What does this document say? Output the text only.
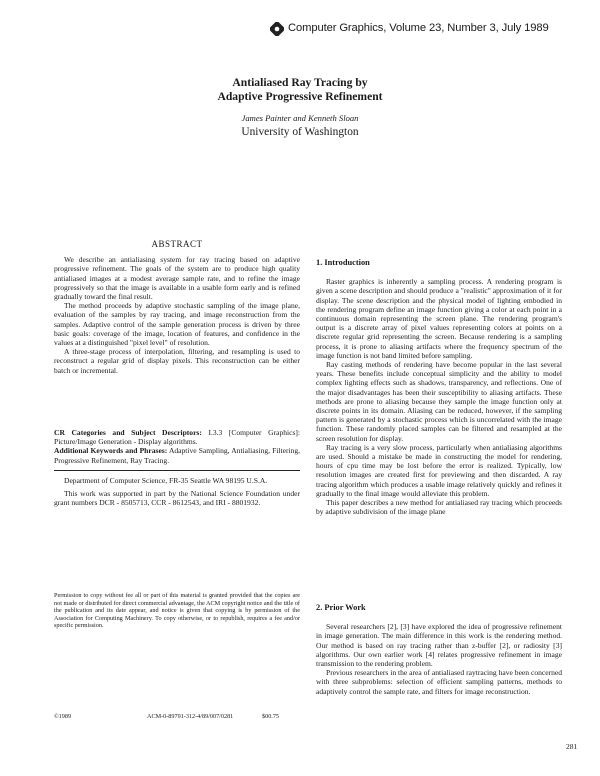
Computer Graphics, Volume 23, Number 3, July 1989
Antialiased Ray Tracing by
Adaptive Progressive Refinement
James Painter and Kenneth Sloan
University of Washington

ABSTRACT

We describe an antialiasing system for ray tracing based on adaptive progressive refinement. The goals of the system are to produce high quality antialiased images at a modest average sample rate, and to refine the image progressively so that the image is available in a usable form early and is refined gradually toward the final result.

The method proceeds by adaptive stochastic sampling of the image plane, evaluation of the samples by ray tracing, and image reconstruction from the samples. Adaptive control of the sample generation process is driven by three basic goals: coverage of the image, location of features, and confidence in the values at a distinguished "pixel level" of resolution.

A three-stage process of interpolation, filtering, and resampling is used to reconstruct a regular grid of display pixels. This reconstruction can be either batch or incremental.

CR Categories and Subject Descriptors: I.3.3 [Computer Graphics]: Picture/Image Generation - Display algorithms.

Additional Keywords and Phrases: Adaptive Sampling, Antialiasing, Filtering, Progressive Refinement, Ray Tracing.

Department of Computer Science, FR-35 Seattle WA 98195 U.S.A.

This work was supported in part by the National Science Foundation under grant numbers DCR - 8505713, CCR - 8612543, and IRI - 8801932.

Permission to copy without fee all or part of this material is granted provided that the copies are not made or distributed for direct commercial advantage, the ACM copyright notice and the title of the publication and its date appear, and notice is given that copying is by permission of the Association for Computing Machinery. To copy otherwise, or to republish, requires a fee and/or specific permission.
©1989	ACM-0-89791-312-4/89/007/0281	$00.75
281

1. Introduction

Raster graphics is inherently a sampling process. A rendering program is given a scene description and should produce a "realistic" approximation of it for display. The scene description and the physical model of lighting embodied in the rendering program define an image function giving a color at each point in a continuous domain representing the screen plane. The rendering program's output is a discrete array of pixel values representing colors at points on a discrete regular grid representing the screen. Because rendering is a sampling process, it is prone to aliasing artifacts where the frequency spectrum of the image function is not band limited before sampling.

Ray casting methods of rendering have become popular in the last several years. These benefits include conceptual simplicity and the ability to model complex lighting effects such as shadows, transparency, and reflections. One of the major disadvantages has been their susceptibility to aliasing artifacts. These methods are prone to aliasing because they sample the image function only at discrete points in its domain. Aliasing can be reduced, however, if the sampling pattern is generated by a stochastic process which is uncorrelated with the image function. These randomly placed samples can be filtered and resampled at the screen resolution for display.

Ray tracing is a very slow process, particularly when antialiasing algorithms are used. Should a mistake be made in constructing the model for rendering, hours of cpu time may be lost before the error is realized. Typically, low resolution images are created first for previewing and then discarded. A ray tracing algorithm which produces a usable image relatively quickly and refines it gradually to the final image would alleviate this problem.

This paper describes a new method for antialiased ray tracing which proceeds by adaptive subdivision of the image plane

2. Prior Work

Several researchers [2], [3] have explored the idea of progressive refinement in image generation. The main difference in this work is the rendering method. Our method is based on ray tracing rather than z-buffer [2], or radiosity [3] algorithms. Our own earlier work [4] relates progressive refinement in image transmission to the rendering problem.

Previous researchers in the area of antialiased raytracing have been concerned with three subproblems: selection of efficient sampling patterns, methods to adaptively control the sample rate, and filters for image reconstruction.
